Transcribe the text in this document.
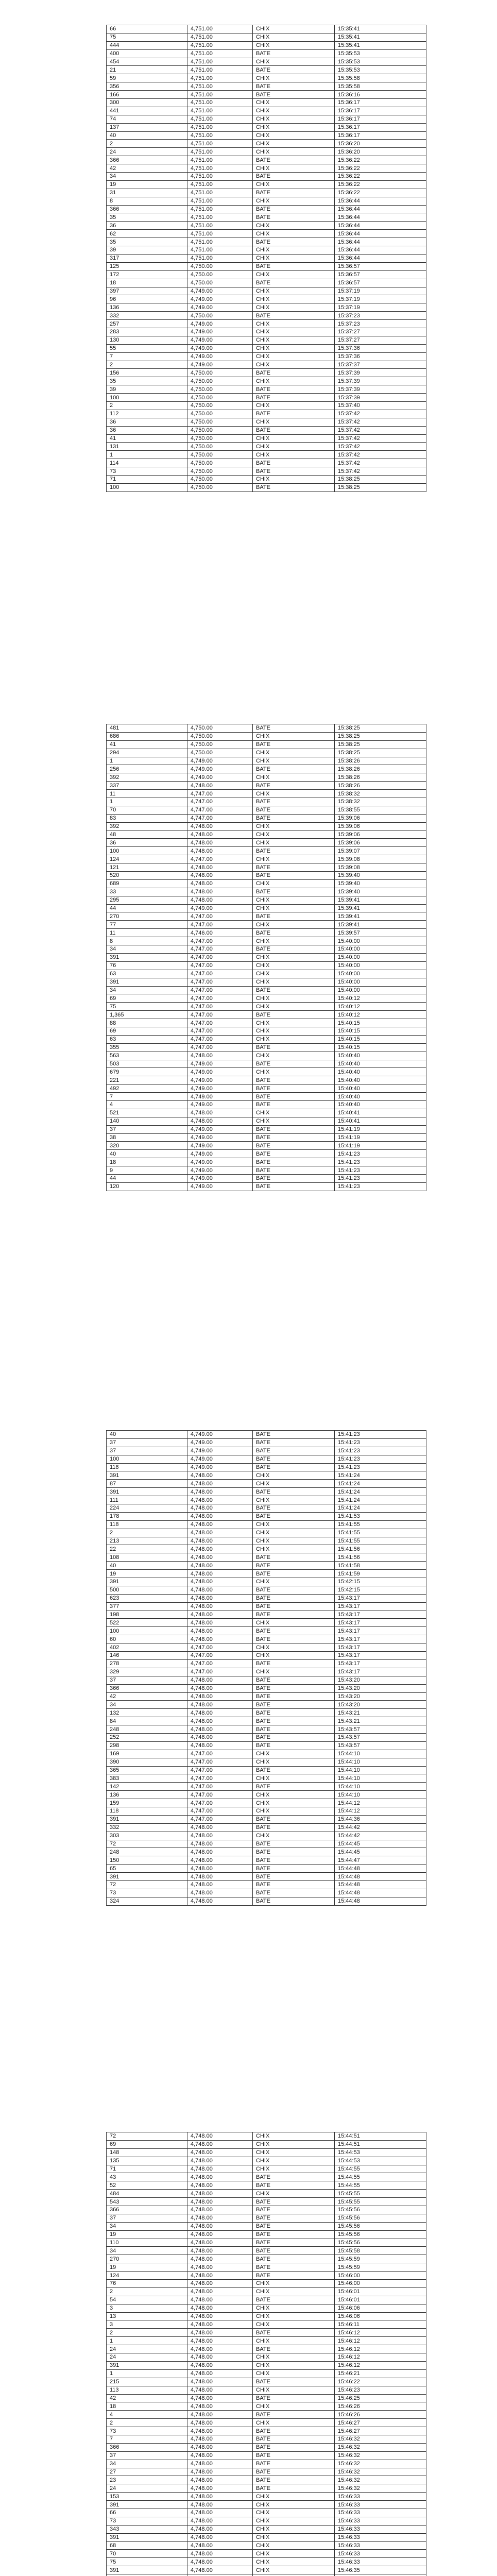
66	4,751.00	CHIX	15:35:41
75	4,751.00	CHIX	15:35:41
444	4,751.00	CHIX	15:35:41
400	4,751.00	BATE	15:35:53
454	4,751.00	CHIX	15:35:53
21	4,751.00	BATE	15:35:53
59	4,751.00	CHIX	15:35:58
356	4,751.00	BATE	15:35:58
166	4,751.00	BATE	15:36:16
300	4,751.00	CHIX	15:36:17
441	4,751.00	CHIX	15:36:17
74	4,751.00	CHIX	15:36:17
137	4,751.00	CHIX	15:36:17
40	4,751.00	CHIX	15:36:17
2	4,751.00	CHIX	15:36:20
24	4,751.00	CHIX	15:36:20
366	4,751.00	BATE	15:36:22
42	4,751.00	CHIX	15:36:22
34	4,751.00	BATE	15:36:22
19	4,751.00	CHIX	15:36:22
31	4,751.00	BATE	15:36:22
8	4,751.00	CHIX	15:36:44
366	4,751.00	BATE	15:36:44
35	4,751.00	BATE	15:36:44
36	4,751.00	CHIX	15:36:44
62	4,751.00	CHIX	15:36:44
35	4,751.00	BATE	15:36:44
39	4,751.00	CHIX	15:36:44
317	4,751.00	CHIX	15:36:44
125	4,750.00	BATE	15:36:57
172	4,750.00	CHIX	15:36:57
18	4,750.00	BATE	15:36:57
397	4,749.00	CHIX	15:37:19
96	4,749.00	CHIX	15:37:19
136	4,749.00	CHIX	15:37:19
332	4,750.00	BATE	15:37:23
257	4,749.00	CHIX	15:37:23
283	4,749.00	CHIX	15:37:27
130	4,749.00	CHIX	15:37:27
55	4,749.00	CHIX	15:37:36
7	4,749.00	CHIX	15:37:36
2	4,749.00	CHIX	15:37:37
156	4,750.00	BATE	15:37:39
35	4,750.00	CHIX	15:37:39
39	4,750.00	BATE	15:37:39
100	4,750.00	BATE	15:37:39
2	4,750.00	CHIX	15:37:40
112	4,750.00	BATE	15:37:42
36	4,750.00	CHIX	15:37:42
36	4,750.00	BATE	15:37:42
41	4,750.00	CHIX	15:37:42
131	4,750.00	CHIX	15:37:42
1	4,750.00	CHIX	15:37:42
114	4,750.00	BATE	15:37:42
73	4,750.00	BATE	15:37:42
71	4,750.00	CHIX	15:38:25
100	4,750.00	BATE	15:38:25
481	4,750.00	BATE	15:38:25
686	4,750.00	CHIX	15:38:25
41	4,750.00	BATE	15:38:25
294	4,750.00	CHIX	15:38:25
1	4,749.00	CHIX	15:38:26
256	4,749.00	BATE	15:38:26
392	4,749.00	CHIX	15:38:26
337	4,748.00	BATE	15:38:26
11	4,747.00	CHIX	15:38:32
1	4,747.00	BATE	15:38:32
70	4,747.00	BATE	15:38:55
83	4,747.00	BATE	15:39:06
392	4,748.00	CHIX	15:39:06
48	4,748.00	CHIX	15:39:06
36	4,748.00	CHIX	15:39:06
100	4,748.00	BATE	15:39:07
124	4,747.00	CHIX	15:39:08
121	4,748.00	BATE	15:39:08
520	4,748.00	BATE	15:39:40
689	4,748.00	CHIX	15:39:40
33	4,748.00	BATE	15:39:40
295	4,748.00	CHIX	15:39:41
44	4,749.00	CHIX	15:39:41
270	4,747.00	BATE	15:39:41
77	4,747.00	CHIX	15:39:41
11	4,746.00	BATE	15:39:57
8	4,747.00	CHIX	15:40:00
34	4,747.00	BATE	15:40:00
391	4,747.00	CHIX	15:40:00
76	4,747.00	CHIX	15:40:00
63	4,747.00	CHIX	15:40:00
391	4,747.00	CHIX	15:40:00
34	4,747.00	BATE	15:40:00
69	4,747.00	CHIX	15:40:12
75	4,747.00	CHIX	15:40:12
1,365	4,747.00	BATE	15:40:12
88	4,747.00	CHIX	15:40:15
69	4,747.00	CHIX	15:40:15
63	4,747.00	CHIX	15:40:15
355	4,747.00	BATE	15:40:15
563	4,748.00	CHIX	15:40:40
503	4,749.00	BATE	15:40:40
679	4,749.00	CHIX	15:40:40
221	4,749.00	BATE	15:40:40
492	4,749.00	BATE	15:40:40
7	4,749.00	BATE	15:40:40
4	4,749.00	BATE	15:40:40
521	4,748.00	CHIX	15:40:41
140	4,748.00	CHIX	15:40:41
37	4,749.00	BATE	15:41:19
38	4,749.00	BATE	15:41:19
320	4,749.00	BATE	15:41:19
40	4,749.00	BATE	15:41:23
18	4,749.00	BATE	15:41:23
9	4,749.00	BATE	15:41:23
44	4,749.00	BATE	15:41:23
120	4,749.00	BATE	15:41:23
40	4,749.00	BATE	15:41:23
37	4,749.00	BATE	15:41:23
37	4,749.00	BATE	15:41:23
100	4,749.00	BATE	15:41:23
118	4,749.00	BATE	15:41:23
391	4,748.00	CHIX	15:41:24
87	4,748.00	CHIX	15:41:24
391	4,748.00	BATE	15:41:24
111	4,748.00	CHIX	15:41:24
224	4,748.00	BATE	15:41:24
178	4,748.00	BATE	15:41:53
118	4,748.00	CHIX	15:41:55
2	4,748.00	CHIX	15:41:55
213	4,748.00	CHIX	15:41:55
22	4,748.00	CHIX	15:41:56
108	4,748.00	BATE	15:41:56
40	4,748.00	BATE	15:41:58
19	4,748.00	BATE	15:41:59
391	4,748.00	CHIX	15:42:15
500	4,748.00	BATE	15:42:15
623	4,748.00	BATE	15:43:17
377	4,748.00	BATE	15:43:17
198	4,748.00	BATE	15:43:17
522	4,748.00	CHIX	15:43:17
100	4,748.00	BATE	15:43:17
60	4,748.00	BATE	15:43:17
402	4,747.00	CHIX	15:43:17
146	4,747.00	CHIX	15:43:17
278	4,747.00	BATE	15:43:17
329	4,747.00	CHIX	15:43:17
37	4,748.00	BATE	15:43:20
366	4,748.00	BATE	15:43:20
42	4,748.00	BATE	15:43:20
34	4,748.00	BATE	15:43:20
132	4,748.00	BATE	15:43:21
84	4,748.00	BATE	15:43:21
248	4,748.00	BATE	15:43:57
252	4,748.00	BATE	15:43:57
298	4,748.00	BATE	15:43:57
169	4,747.00	CHIX	15:44:10
390	4,747.00	CHIX	15:44:10
365	4,747.00	BATE	15:44:10
383	4,747.00	CHIX	15:44:10
142	4,747.00	BATE	15:44:10
136	4,747.00	CHIX	15:44:10
159	4,747.00	CHIX	15:44:12
118	4,747.00	CHIX	15:44:12
391	4,747.00	BATE	15:44:36
332	4,748.00	BATE	15:44:42
303	4,748.00	CHIX	15:44:42
72	4,748.00	BATE	15:44:45
248	4,748.00	BATE	15:44:45
150	4,748.00	BATE	15:44:47
65	4,748.00	BATE	15:44:48
391	4,748.00	BATE	15:44:48
72	4,748.00	BATE	15:44:48
73	4,748.00	BATE	15:44:48
324	4,748.00	BATE	15:44:48
72	4,748.00	CHIX	15:44:51
69	4,748.00	CHIX	15:44:51
148	4,748.00	CHIX	15:44:53
135	4,748.00	CHIX	15:44:53
71	4,748.00	CHIX	15:44:55
43	4,748.00	BATE	15:44:55
52	4,748.00	BATE	15:44:55
484	4,748.00	CHIX	15:45:55
543	4,748.00	BATE	15:45:55
366	4,748.00	BATE	15:45:56
37	4,748.00	BATE	15:45:56
34	4,748.00	BATE	15:45:56
19	4,748.00	BATE	15:45:56
110	4,748.00	BATE	15:45:56
34	4,748.00	BATE	15:45:58
270	4,748.00	BATE	15:45:59
19	4,748.00	BATE	15:45:59
124	4,748.00	BATE	15:46:00
76	4,748.00	CHIX	15:46:00
2	4,748.00	CHIX	15:46:01
54	4,748.00	BATE	15:46:01
3	4,748.00	CHIX	15:46:06
13	4,748.00	CHIX	15:46:06
3	4,748.00	CHIX	15:46:11
2	4,748.00	BATE	15:46:12
1	4,748.00	CHIX	15:46:12
24	4,748.00	BATE	15:46:12
24	4,748.00	CHIX	15:46:12
391	4,748.00	CHIX	15:46:12
1	4,748.00	CHIX	15:46:21
215	4,748.00	BATE	15:46:22
113	4,748.00	CHIX	15:46:23
42	4,748.00	BATE	15:46:25
18	4,748.00	CHIX	15:46:26
4	4,748.00	BATE	15:46:26
2	4,748.00	CHIX	15:46:27
73	4,748.00	BATE	15:46:27
7	4,748.00	BATE	15:46:32
366	4,748.00	BATE	15:46:32
37	4,748.00	BATE	15:46:32
34	4,748.00	BATE	15:46:32
27	4,748.00	BATE	15:46:32
23	4,748.00	BATE	15:46:32
24	4,748.00	BATE	15:46:32
153	4,748.00	CHIX	15:46:33
391	4,748.00	CHIX	15:46:33
66	4,748.00	CHIX	15:46:33
73	4,748.00	CHIX	15:46:33
343	4,748.00	CHIX	15:46:33
391	4,748.00	CHIX	15:46:33
68	4,748.00	CHIX	15:46:33
70	4,748.00	CHIX	15:46:33
75	4,748.00	CHIX	15:46:33
391	4,748.00	CHIX	15:46:35
